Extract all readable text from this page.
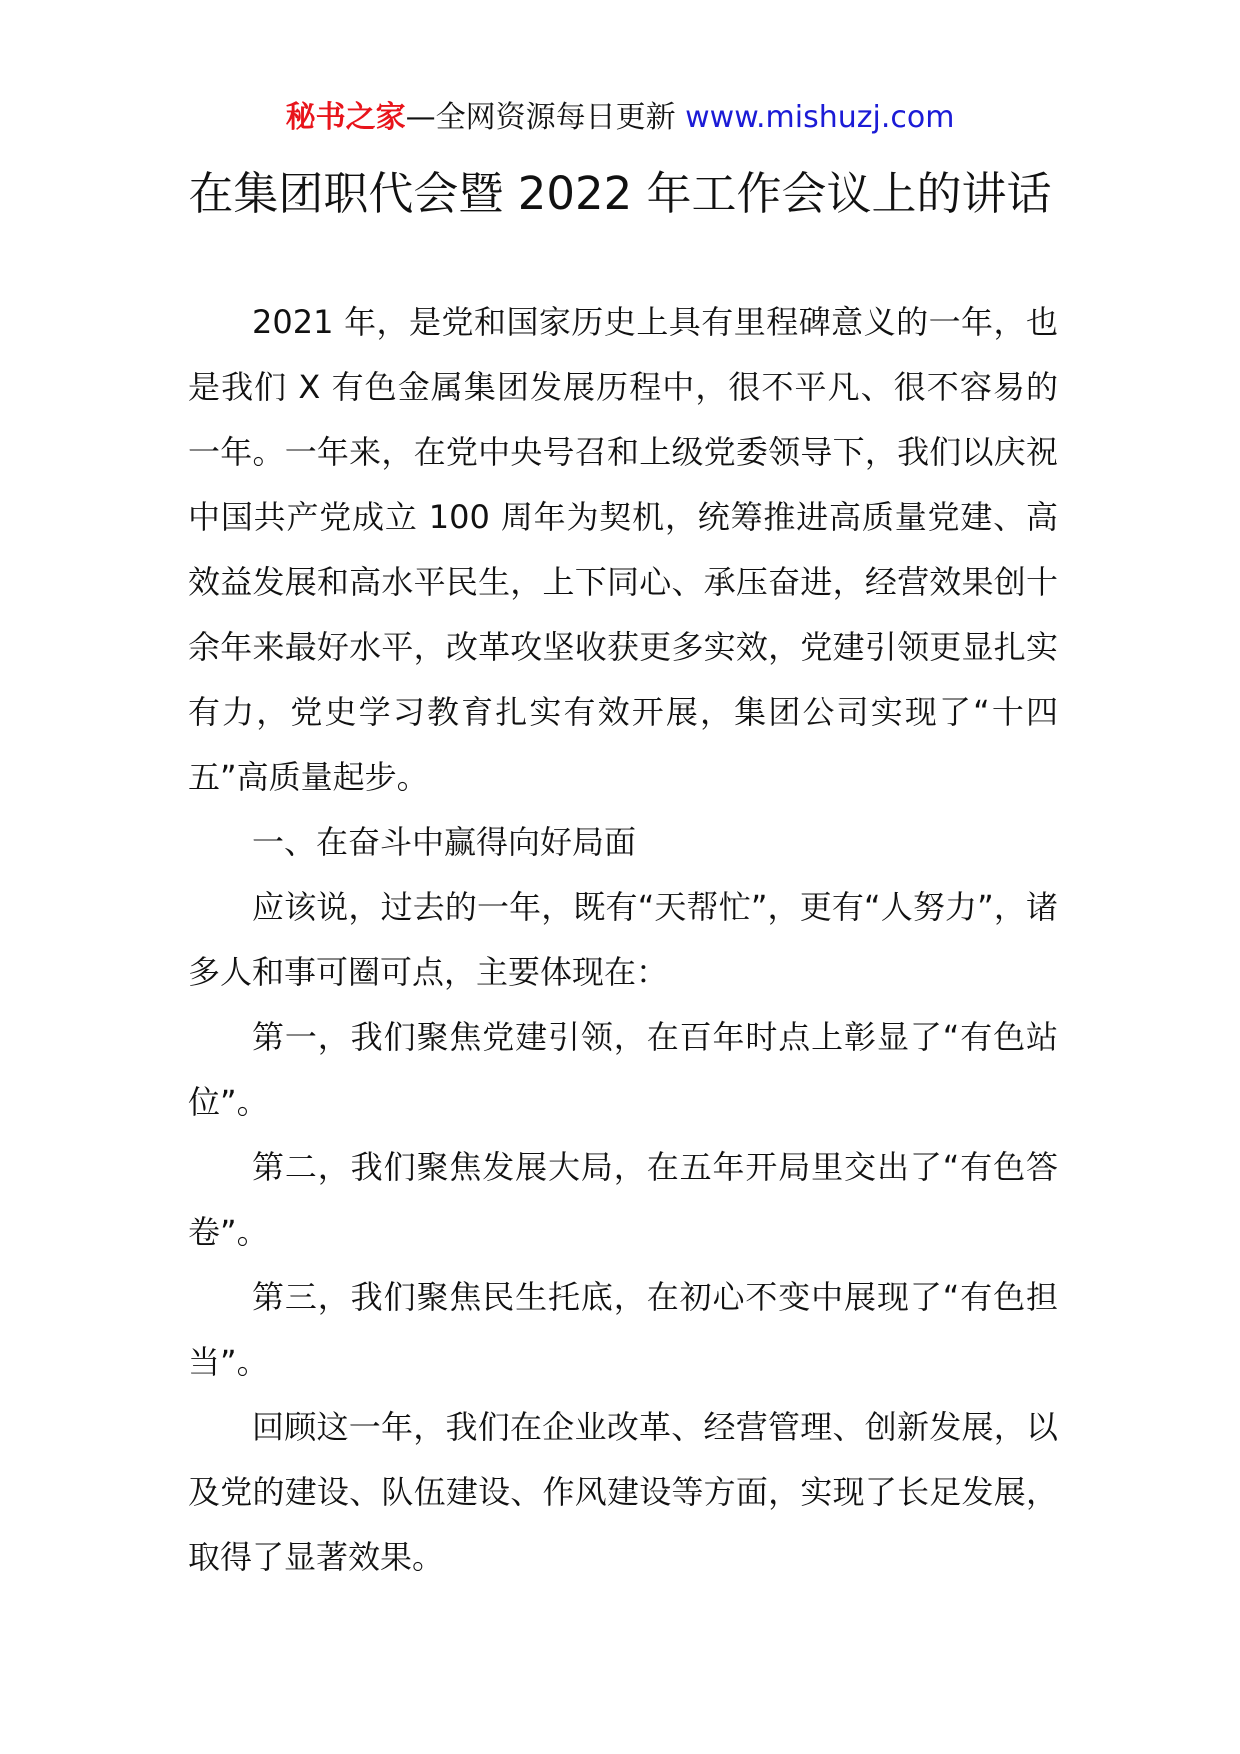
秘书之家—全网资源每日更新 www.mishuzj.com
在集团职代会暨 2022 年工作会议上的讲话

2021 年，是党和国家历史上具有里程碑意义的一年，也是我们 X 有色金属集团发展历程中，很不平凡、很不容易的一年。一年来，在党中央号召和上级党委领导下，我们以庆祝中国共产党成立 100 周年为契机，统筹推进高质量党建、高效益发展和高水平民生，上下同心、承压奋进，经营效果创十余年来最好水平，改革攻坚收获更多实效，党建引领更显扎实有力，党史学习教育扎实有效开展，集团公司实现了“十四五”高质量起步。

一、在奋斗中赢得向好局面

应该说，过去的一年，既有“天帮忙”，更有“人努力”，诸多人和事可圈可点，主要体现在：

第一，我们聚焦党建引领，在百年时点上彰显了“有色站位”。

第二，我们聚焦发展大局，在五年开局里交出了“有色答卷”。

第三，我们聚焦民生托底，在初心不变中展现了“有色担当”。

回顾这一年，我们在企业改革、经营管理、创新发展，以及党的建设、队伍建设、作风建设等方面，实现了长足发展，取得了显著效果。
